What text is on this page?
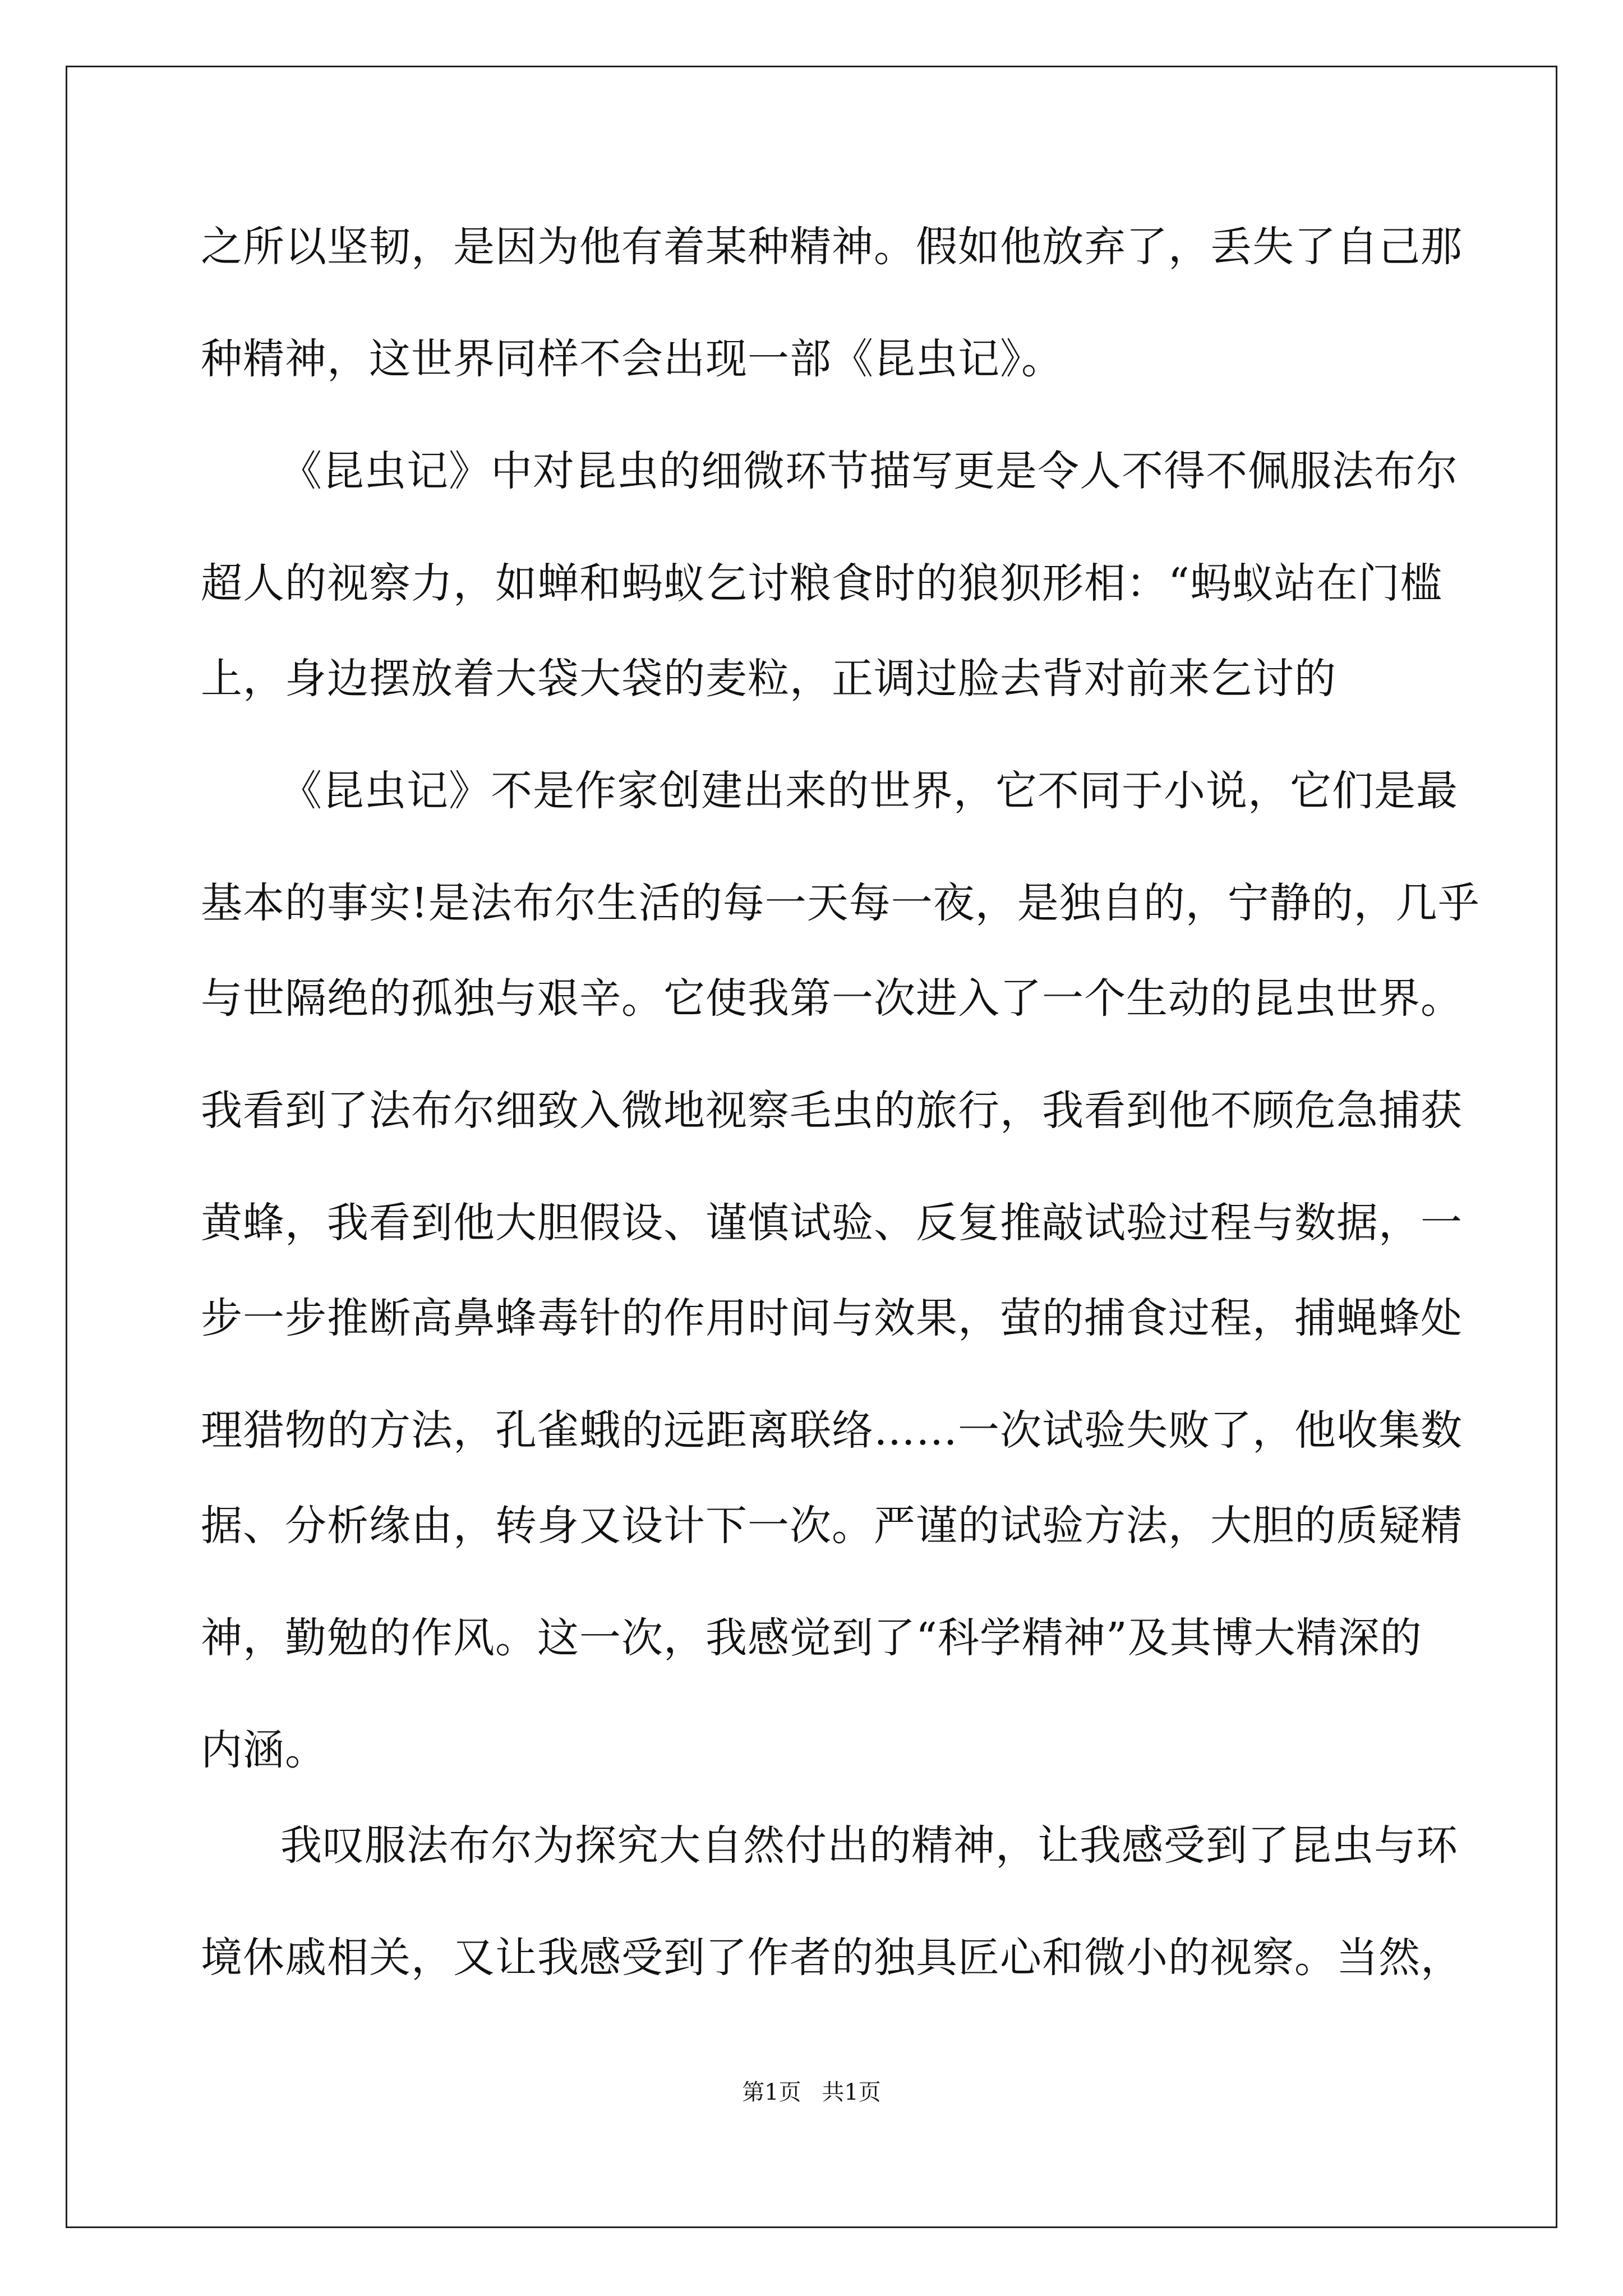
之所以坚韧，是因为他有着某种精神。假如他放弃了，丢失了自己那

种精神，这世界同样不会出现一部《昆虫记》。

《昆虫记》中对昆虫的细微环节描写更是令人不得不佩服法布尔

超人的视察力，如蝉和蚂蚁乞讨粮食时的狼狈形相：“蚂蚁站在门槛

上，身边摆放着大袋大袋的麦粒，正调过脸去背对前来乞讨的

《昆虫记》不是作家创建出来的世界，它不同于小说，它们是最

基本的事实!是法布尔生活的每一天每一夜，是独自的，宁静的，几乎

与世隔绝的孤独与艰辛。它使我第一次进入了一个生动的昆虫世界。

我看到了法布尔细致入微地视察毛虫的旅行，我看到他不顾危急捕获

黄蜂，我看到他大胆假设、谨慎试验、反复推敲试验过程与数据，一

步一步推断高鼻蜂毒针的作用时间与效果，萤的捕食过程，捕蝇蜂处

理猎物的方法，孔雀蛾的远距离联络……一次试验失败了，他收集数

据、分析缘由，转身又设计下一次。严谨的试验方法，大胆的质疑精

神，勤勉的作风。这一次，我感觉到了“科学精神”及其博大精深的

内涵。

我叹服法布尔为探究大自然付出的精神，让我感受到了昆虫与环

境休戚相关，又让我感受到了作者的独具匠心和微小的视察。当然，

第1页 共1页
